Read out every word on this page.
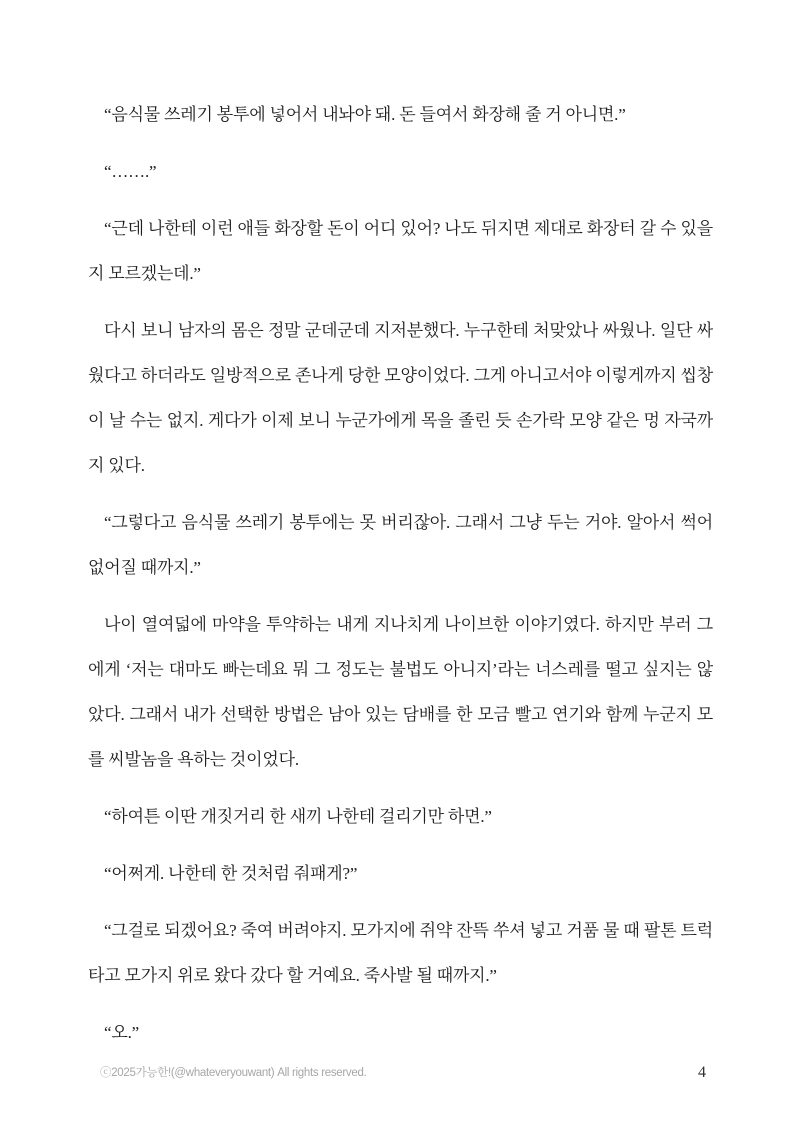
“음식물 쓰레기 봉투에 넣어서 내놔야 돼. 돈 들여서 화장해 줄 거 아니면.”

“…….”

“근데 나한테 이런 애들 화장할 돈이 어디 있어? 나도 뒤지면 제대로 화장터 갈 수 있을지 모르겠는데.”

다시 보니 남자의 몸은 정말 군데군데 지저분했다. 누구한테 처맞았나 싸웠나. 일단 싸웠다고 하더라도 일방적으로 존나게 당한 모양이었다. 그게 아니고서야 이렇게까지 씹창이 날 수는 없지. 게다가 이제 보니 누군가에게 목을 졸린 듯 손가락 모양 같은 멍 자국까지 있다.

“그렇다고 음식물 쓰레기 봉투에는 못 버리잖아. 그래서 그냥 두는 거야. 알아서 썩어 없어질 때까지.”

나이 열여덟에 마약을 투약하는 내게 지나치게 나이브한 이야기였다. 하지만 부러 그에게 ‘저는 대마도 빠는데요 뭐 그 정도는 불법도 아니지’라는 너스레를 떨고 싶지는 않았다. 그래서 내가 선택한 방법은 남아 있는 담배를 한 모금 빨고 연기와 함께 누군지 모를 씨발놈을 욕하는 것이었다.

“하여튼 이딴 개짓거리 한 새끼 나한테 걸리기만 하면.”

“어쩌게. 나한테 한 것처럼 줘패게?”

“그걸로 되겠어요? 죽여 버려야지. 모가지에 쥐약 잔뜩 쑤셔 넣고 거품 물 때 팔톤 트럭 타고 모가지 위로 왔다 갔다 할 거예요. 죽사발 될 때까지.”

“오.”

ⓒ2025가능한!(@whateveryouwant) All rights reserved.	4
